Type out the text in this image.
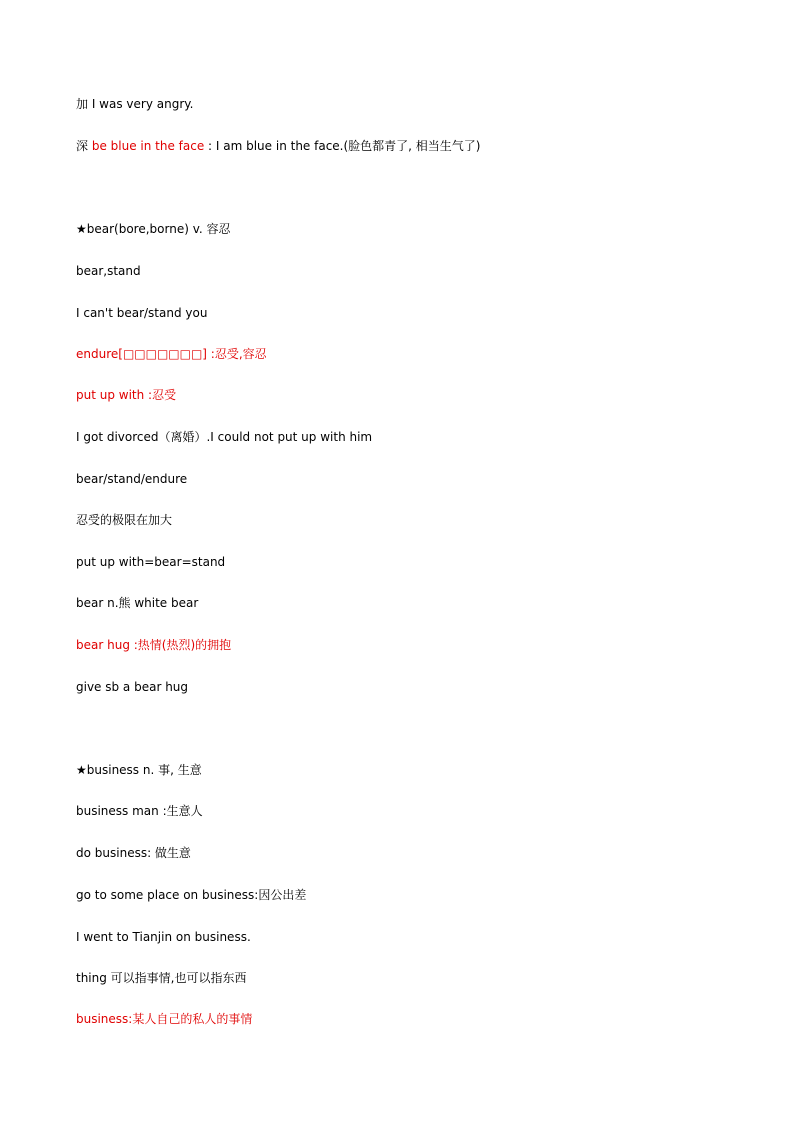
加 I was very angry.
深 be blue in the face : I am blue in the face.(脸色都青了, 相当生气了)
★bear(bore,borne) v. 容忍
bear,stand
I can't bear/stand you
endure[□□□□□□□] :忍受,容忍
put up with :忍受
I got divorced（离婚）.I could not put up with him
bear/stand/endure
忍受的极限在加大
put up with=bear=stand
bear n.熊 white bear
bear hug :热情(热烈)的拥抱
give sb a bear hug
★business n. 事, 生意
business man :生意人
do business: 做生意
go to some place on business:因公出差
I went to Tianjin on business.
thing 可以指事情,也可以指东西
business:某人自己的私人的事情
